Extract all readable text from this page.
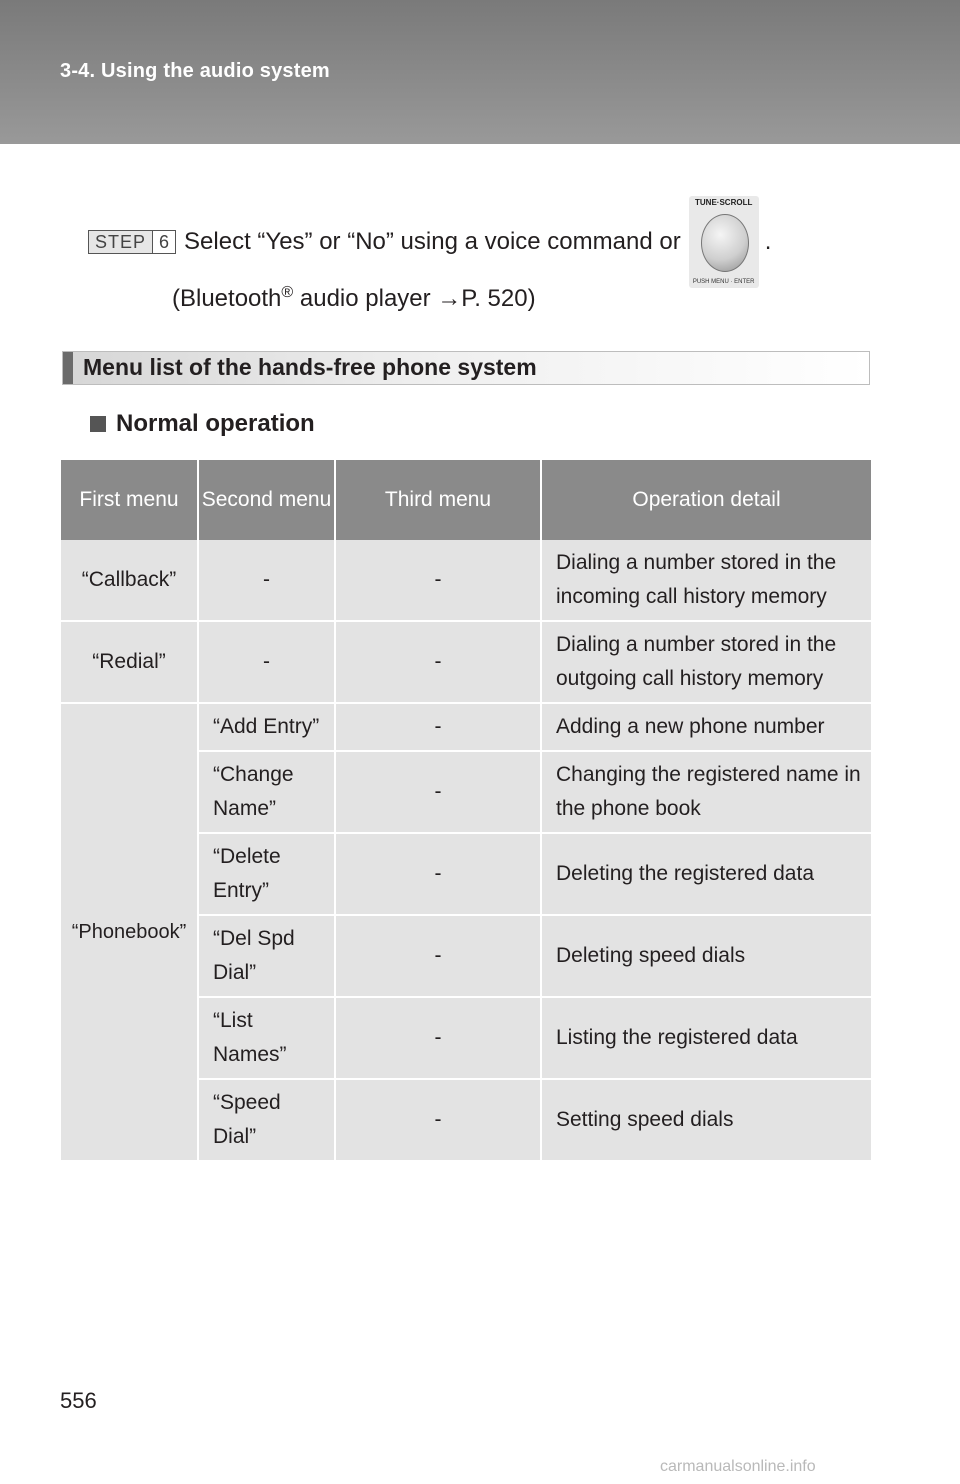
3-4. Using the audio system
STEP 6 Select “Yes” or “No” using a voice command or
TUNE·SCROLL
PUSH MENU · ENTER
.
(Bluetooth® audio player →P. 520)
Menu list of the hands-free phone system
Normal operation
First menu	Second menu	Third menu	Operation detail
“Callback”	-	-	Dialing a number stored in the incoming call history memory
“Redial”	-	-	Dialing a number stored in the outgoing call history memory
“Phonebook”	“Add Entry”	-	Adding a new phone number
	“Change Name”	-	Changing the registered name in the phone book
	“Delete Entry”	-	Deleting the registered data
	“Del Spd Dial”	-	Deleting speed dials
	“List Names”	-	Listing the registered data
	“Speed Dial”	-	Setting speed dials
556
carmanualsonline.info
